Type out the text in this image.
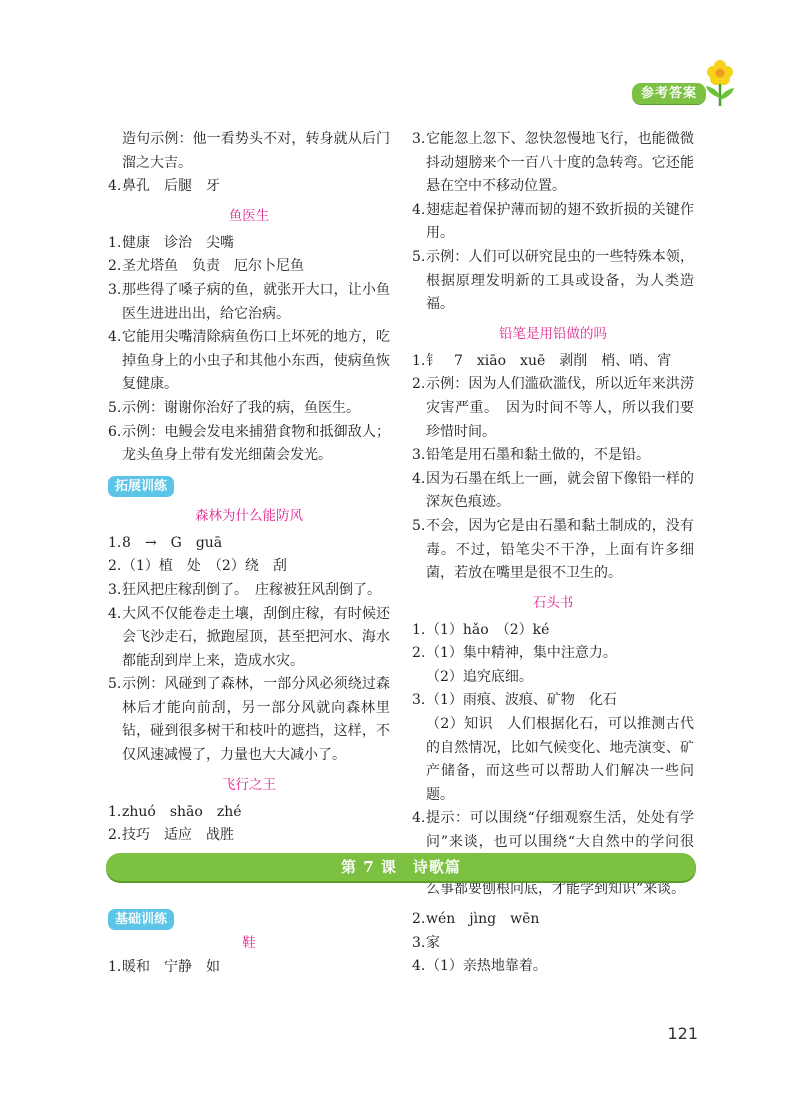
参考答案
造句示例：他一看势头不对，转身就从后门溜之大吉。
4. 鼻孔　后腿　牙
鱼医生
1. 健康　诊治　尖嘴
2. 圣尤塔鱼　负责　厄尔卜尼鱼
3. 那些得了嗓子病的鱼，就张开大口，让小鱼医生进进出出，给它治病。
4. 它能用尖嘴清除病鱼伤口上坏死的地方，吃掉鱼身上的小虫子和其他小东西，使病鱼恢复健康。
5. 示例：谢谢你治好了我的病，鱼医生。
6. 示例：电鳗会发电来捕猎食物和抵御敌人；龙头鱼身上带有发光细菌会发光。
拓展训练
森林为什么能防风
1. 8　→　G　guā
2. （1）植　处　（2）绕　刮
3. 狂风把庄稼刮倒了。　庄稼被狂风刮倒了。
4. 大风不仅能卷走土壤，刮倒庄稼，有时候还会飞沙走石，掀跑屋顶，甚至把河水、海水都能刮到岸上来，造成水灾。
5. 示例：风碰到了森林，一部分风必须绕过森林后才能向前刮，另一部分风就向森林里钻，碰到很多树干和枝叶的遮挡，这样，不仅风速减慢了，力量也大大减小了。
飞行之王
1. zhuó　shāo　zhé
2. 技巧　适应　战胜
3. 它能忽上忽下、忽快忽慢地飞行，也能微微抖动翅膀来个一百八十度的急转弯。它还能悬在空中不移动位置。
4. 翅痣起着保护薄而韧的翅不致折损的关键作用。
5. 示例：人们可以研究昆虫的一些特殊本领，根据原理发明新的工具或设备，为人类造福。
铅笔是用铅做的吗
1. 钅　7　xiāo　xuē　剥削　梢、哨、宵
2. 示例：因为人们滥砍滥伐，所以近年来洪涝灾害严重。　因为时间不等人，所以我们要珍惜时间。
3. 铅笔是用石墨和黏土做的，不是铅。
4. 因为石墨在纸上一画，就会留下像铅一样的深灰色痕迹。
5. 不会，因为它是由石墨和黏土制成的，没有毒。不过，铅笔尖不干净，上面有许多细菌，若放在嘴里是很不卫生的。
石头书
1. （1）hǎo　（2）ké
2. （1）集中精神，集中注意力。
（2）追究底细。
3. （1）雨痕、波痕、矿物　化石
（2）知识　人们根据化石，可以推测古代的自然情况，比如气候变化、地壳演变、矿产储备，而这些可以帮助人们解决一些问题。
4. 提示：可以围绕“仔细观察生活，处处有学问”来谈，也可以围绕“大自然中的学问很 么事都要刨根问底，才能学到知识”来谈。
第 7 课　诗歌篇
基础训练
鞋
1. 暖和　宁静　如
2. wén　jìng　wēn
3. 家
4. （1）亲热地靠着。
121
